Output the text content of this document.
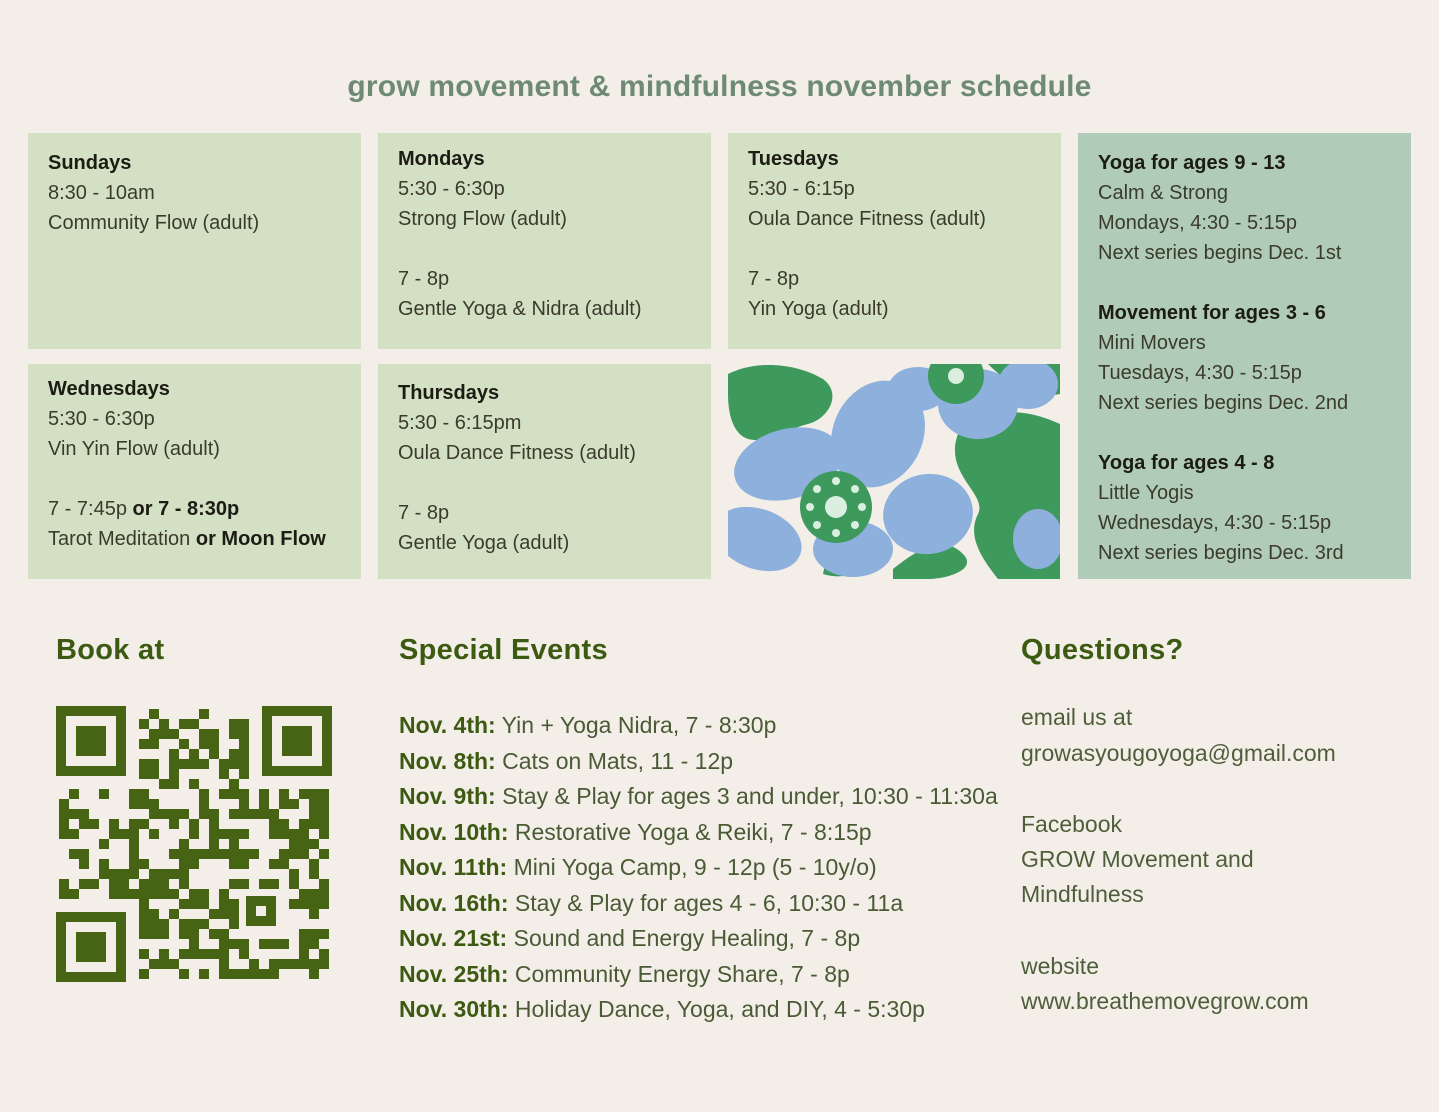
grow movement & mindfulness november schedule
Sundays
8:30 - 10am
Community Flow (adult)
Mondays
5:30 - 6:30p
Strong Flow (adult)
7 - 8p
Gentle Yoga & Nidra (adult)
Tuesdays
5:30 - 6:15p
Oula Dance Fitness (adult)
7 - 8p
Yin Yoga (adult)
Yoga for ages 9 - 13
Calm & Strong
Mondays, 4:30 - 5:15p
Next series begins Dec. 1st
Movement for ages 3 - 6
Mini Movers
Tuesdays, 4:30 - 5:15p
Next series begins Dec. 2nd
Yoga for ages 4 - 8
Little Yogis
Wednesdays, 4:30 - 5:15p
Next series begins Dec. 3rd
Wednesdays
5:30 - 6:30p
Vin Yin Flow (adult)
7 - 7:45p or 7 - 8:30p
Tarot Meditation or Moon Flow
Thursdays
5:30 - 6:15pm
Oula Dance Fitness (adult)
7 - 8p
Gentle Yoga (adult)
Book at	Special Events
Nov. 4th: Yin + Yoga Nidra, 7 - 8:30p
Nov. 8th: Cats on Mats, 11 - 12p
Nov. 9th: Stay & Play for ages 3 and under, 10:30 - 11:30a
Nov. 10th: Restorative Yoga & Reiki, 7 - 8:15p
Nov. 11th: Mini Yoga Camp, 9 - 12p (5 - 10y/o)
Nov. 16th: Stay & Play for ages 4 - 6, 10:30 - 11a
Nov. 21st: Sound and Energy Healing, 7 - 8p
Nov. 25th: Community Energy Share, 7 - 8p
Nov. 30th: Holiday Dance, Yoga, and DIY, 4 - 5:30p
Questions?
email us at
growasyougoyoga@gmail.com
Facebook
GROW Movement and
Mindfulness
website
www.breathemovegrow.com
